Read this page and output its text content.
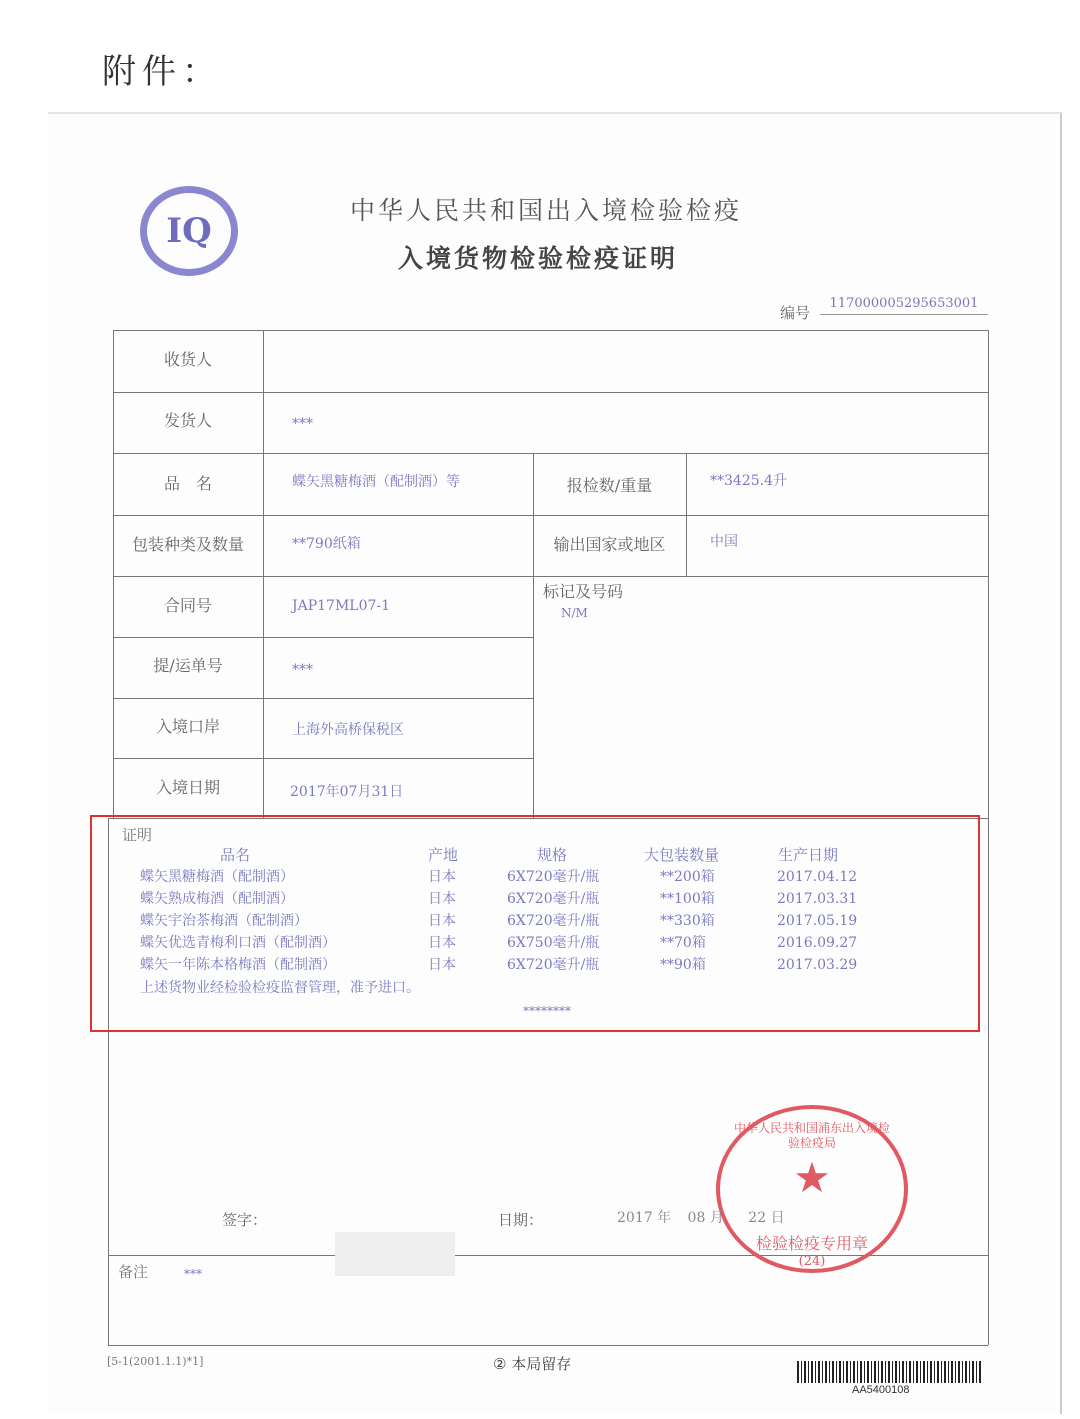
附件：
IQ
中华人民共和国出入境检验检疫
入境货物检验检疫证明
编号
117000005295653001
收货人
发货人	***
品　名	蝶矢黑糖梅酒（配制酒）等	报检数/重量	**3425.4升
包装种类及数量	**790纸箱	输出国家或地区	中国
合同号	JAP17ML07-1
标记及号码
N/M
提/运单号	***
入境口岸	上海外高桥保税区
入境日期	2017年07月31日
证明
品名	产地	规格	大包装数量	生产日期
蝶矢黑糖梅酒（配制酒）	日本	6X720毫升/瓶	**200箱	2017.04.12
蝶矢熟成梅酒（配制酒）	日本	6X720毫升/瓶	**100箱	2017.03.31
蝶矢宇治茶梅酒（配制酒）	日本	6X720毫升/瓶	**330箱	2017.05.19
蝶矢优选青梅利口酒（配制酒）	日本	6X750毫升/瓶	**70箱	2016.09.27
蝶矢一年陈本格梅酒（配制酒）	日本	6X720毫升/瓶	**90箱	2017.03.29
上述货物业经检验检疫监督管理，准予进口。
********
签字：	日期：
中华人民共和国浦东出入境检验检疫局
★
检验检疫专用章
(24)
2017 年 08 月 22 日
备注	***
[5-1(2001.1.1)*1]	② 本局留存
AA5400108
